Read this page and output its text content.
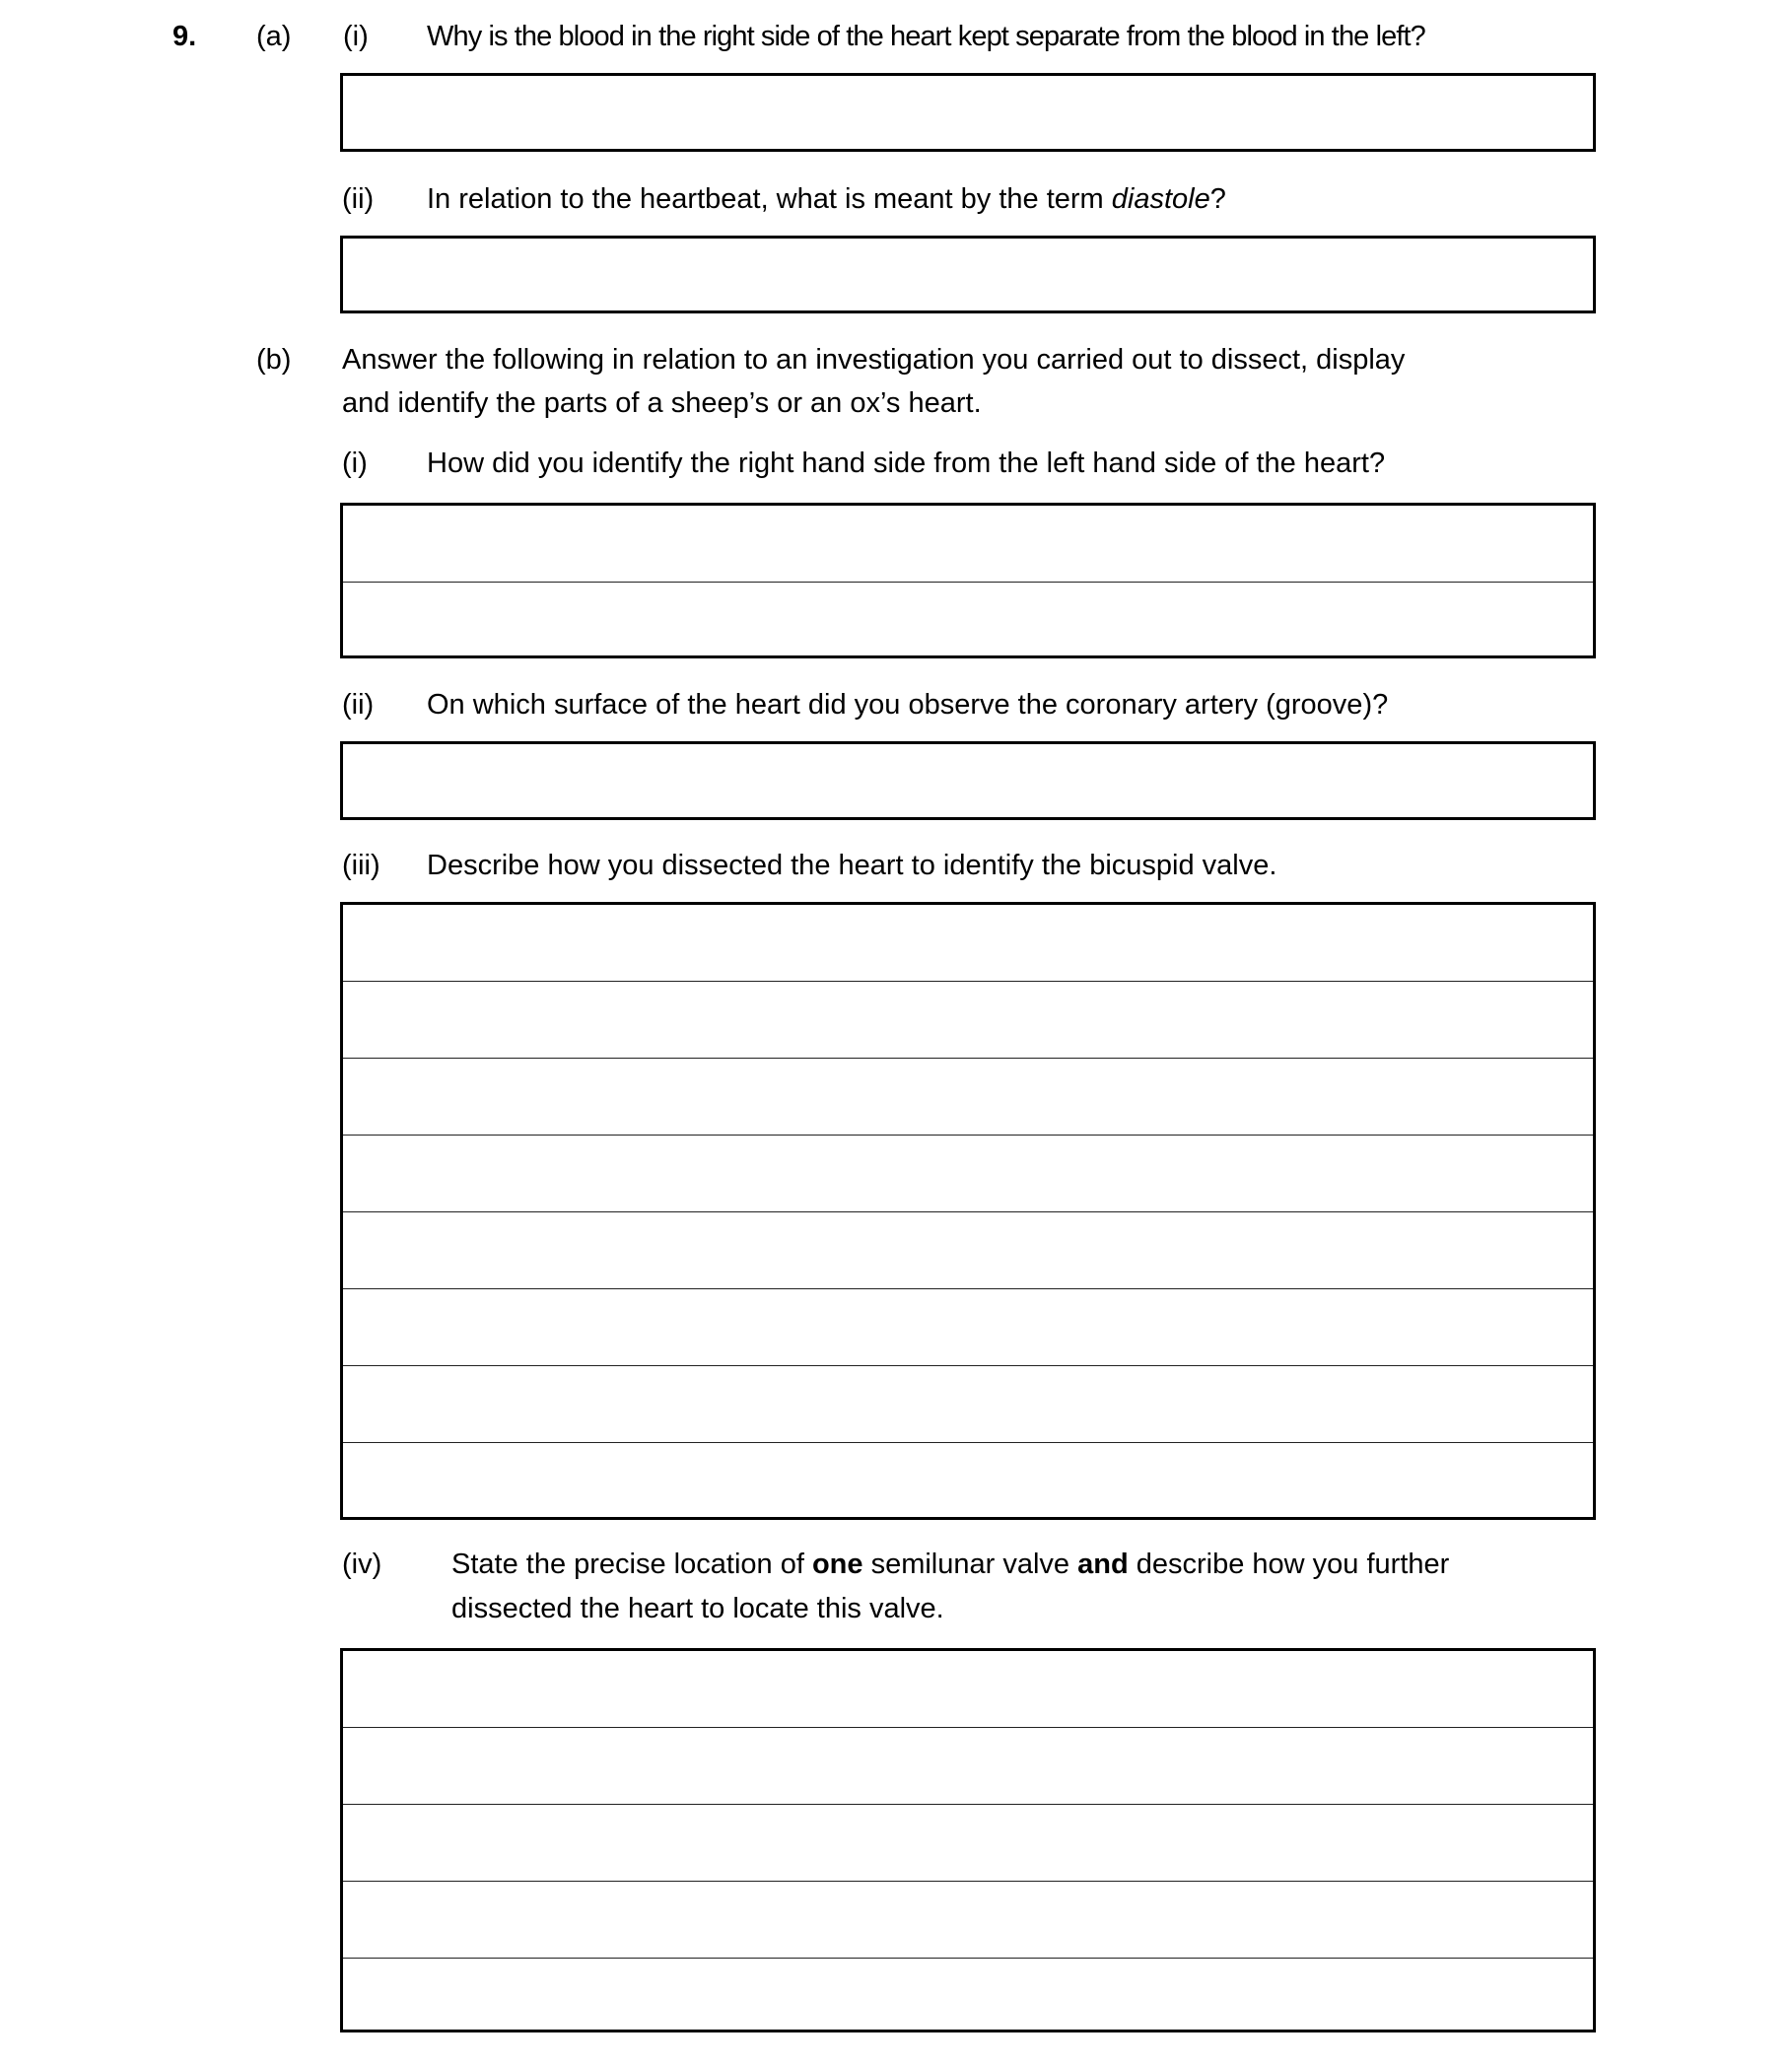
9. (a) (i) Why is the blood in the right side of the heart kept separate from the blood in the left?
(ii) In relation to the heartbeat, what is meant by the term diastole?
(b) Answer the following in relation to an investigation you carried out to dissect, display
and identify the parts of a sheep’s or an ox’s heart.
(i) How did you identify the right hand side from the left hand side of the heart?
(ii) On which surface of the heart did you observe the coronary artery (groove)?
(iii) Describe how you dissected the heart to identify the bicuspid valve.
(iv) State the precise location of one semilunar valve and describe how you further
dissected the heart to locate this valve.
